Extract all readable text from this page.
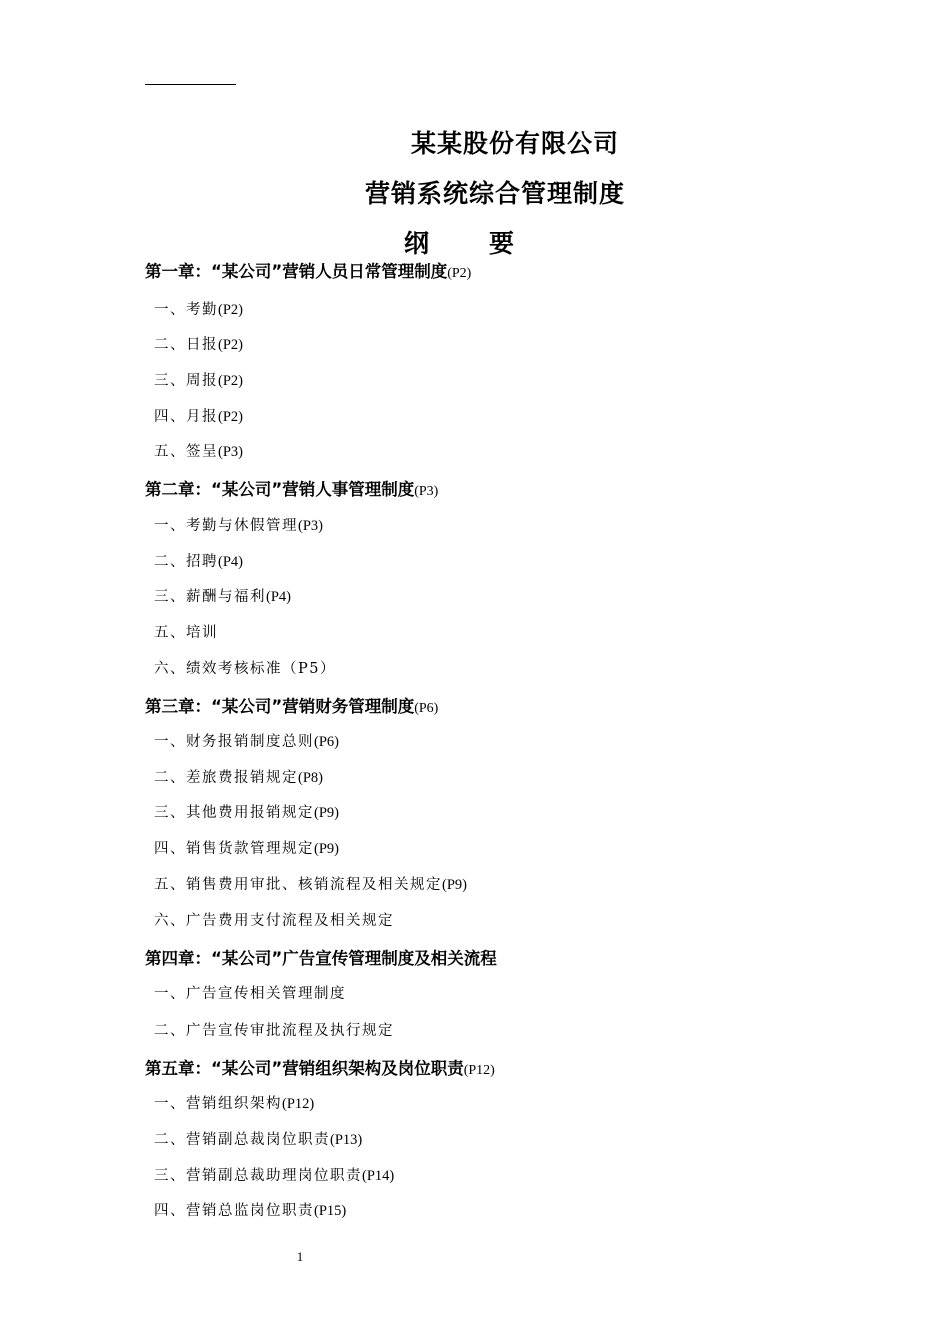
某某股份有限公司
营销系统综合管理制度
纲要
第一章：“某公司”营销人员日常管理制度(P2)
一、考勤(P2)
二、日报(P2)
三、周报(P2)
四、月报(P2)
五、签呈(P3)
第二章：“某公司”营销人事管理制度(P3)
一、考勤与休假管理(P3)
二、招聘(P4)
三、薪酬与福利(P4)
五、培训
六、绩效考核标准（P5）
第三章：“某公司”营销财务管理制度(P6)
一、财务报销制度总则(P6)
二、差旅费报销规定(P8)
三、其他费用报销规定(P9)
四、销售货款管理规定(P9)
五、销售费用审批、核销流程及相关规定(P9)
六、广告费用支付流程及相关规定
第四章：“某公司”广告宣传管理制度及相关流程
一、广告宣传相关管理制度
二、广告宣传审批流程及执行规定
第五章：“某公司”营销组织架构及岗位职责(P12)
一、营销组织架构(P12)
二、营销副总裁岗位职责(P13)
三、营销副总裁助理岗位职责(P14)
四、营销总监岗位职责(P15)
1
